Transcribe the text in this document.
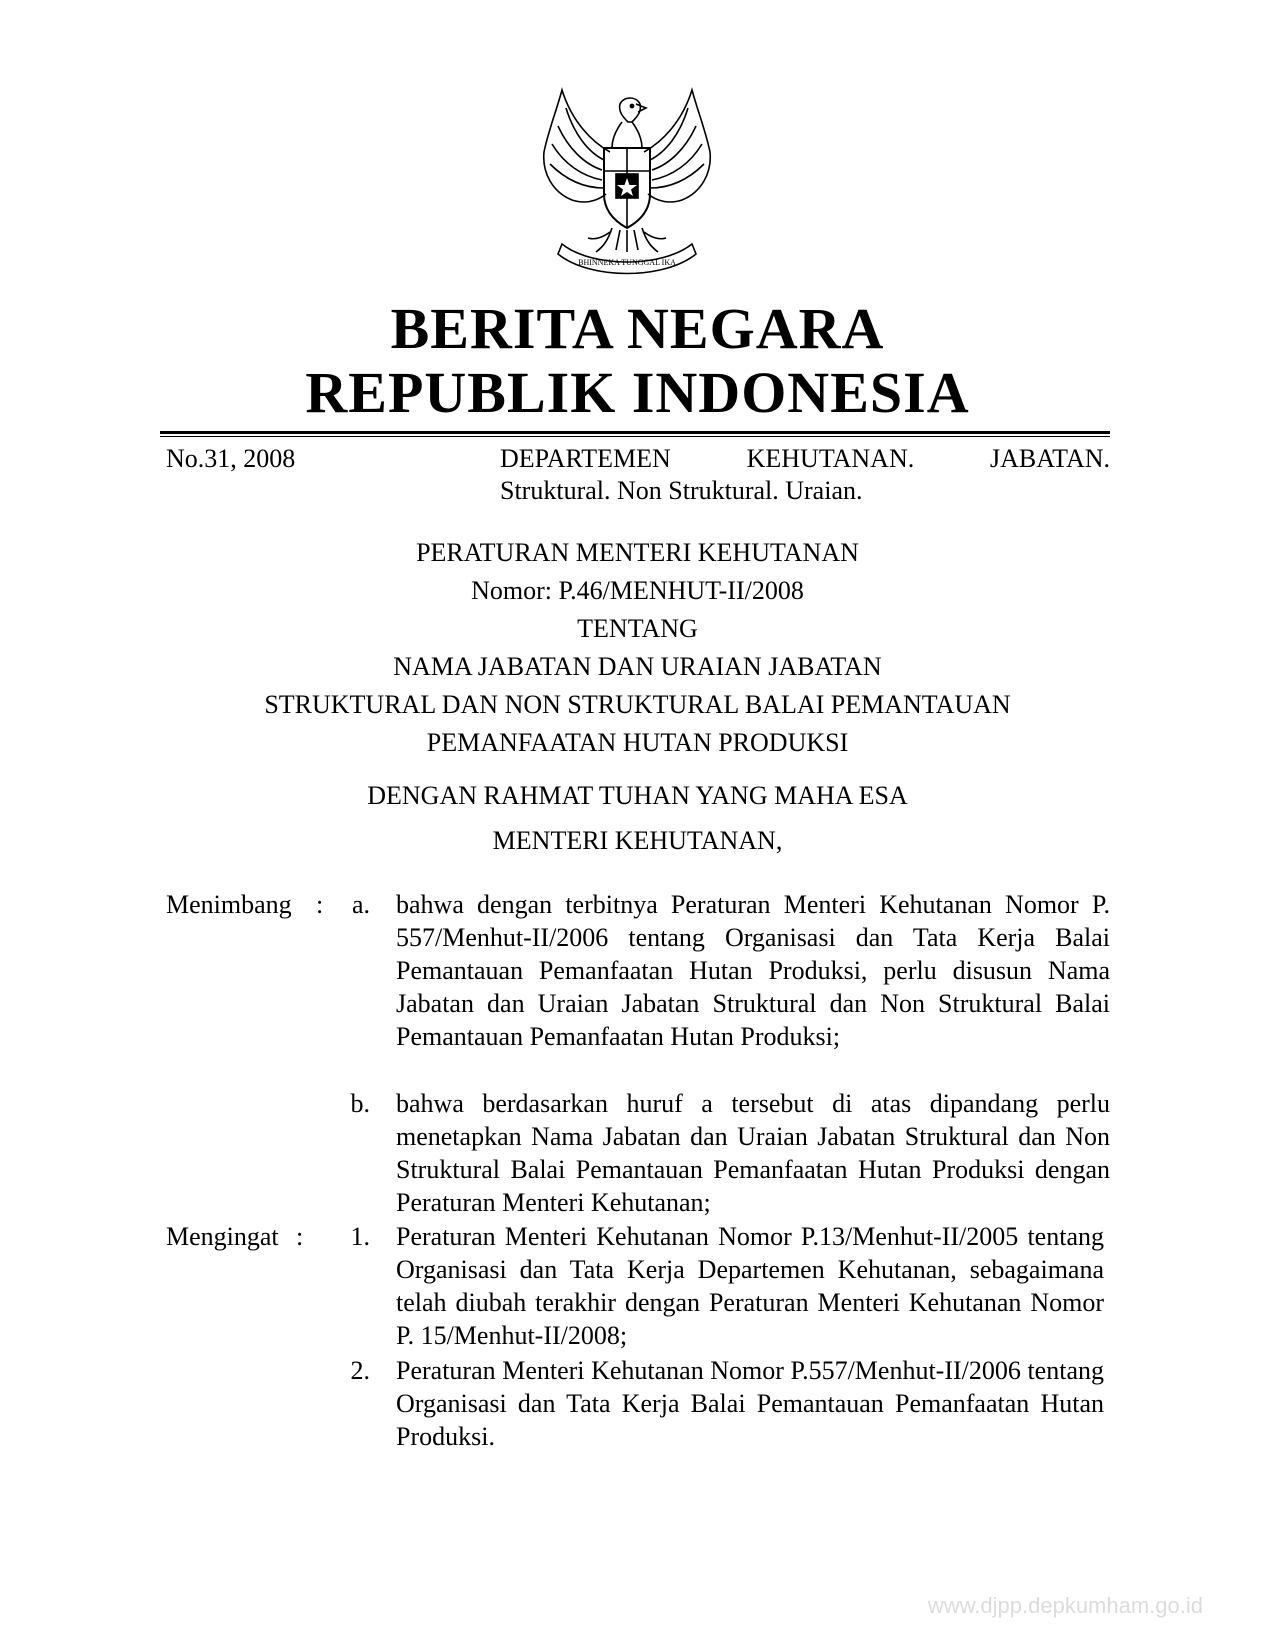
BHINNEKA TUNGGAL IKA
BERITA NEGARA
REPUBLIK INDONESIA
No.31, 2008	DEPARTEMEN	KEHUTANAN.	JABATAN.
Struktural. Non Struktural. Uraian.
PERATURAN MENTERI KEHUTANAN
Nomor: P.46/MENHUT-II/2008
TENTANG
NAMA JABATAN DAN URAIAN JABATAN
STRUKTURAL DAN NON STRUKTURAL BALAI PEMANTAUAN
PEMANFAATAN HUTAN PRODUKSI
DENGAN RAHMAT TUHAN YANG MAHA ESA
MENTERI KEHUTANAN,
Menimbang :	a. bahwa dengan terbitnya Peraturan Menteri Kehutanan Nomor P. 557/Menhut-II/2006 tentang Organisasi dan Tata Kerja Balai Pemantauan Pemanfaatan Hutan Produksi, perlu disusun Nama Jabatan dan Uraian Jabatan Struktural dan Non Struktural Balai Pemantauan Pemanfaatan Hutan Produksi;
b. bahwa berdasarkan huruf a tersebut di atas dipandang perlu menetapkan Nama Jabatan dan Uraian Jabatan Struktural dan Non Struktural Balai Pemantauan Pemanfaatan Hutan Produksi dengan Peraturan Menteri Kehutanan;
Mengingat :	1. Peraturan Menteri Kehutanan Nomor P.13/Menhut-II/2005 tentang Organisasi dan Tata Kerja Departemen Kehutanan, sebagaimana telah diubah terakhir dengan Peraturan Menteri Kehutanan Nomor P. 15/Menhut-II/2008;
2. Peraturan Menteri Kehutanan Nomor P.557/Menhut-II/2006 tentang Organisasi dan Tata Kerja Balai Pemantauan Pemanfaatan Hutan Produksi.
www.djpp.depkumham.go.id
